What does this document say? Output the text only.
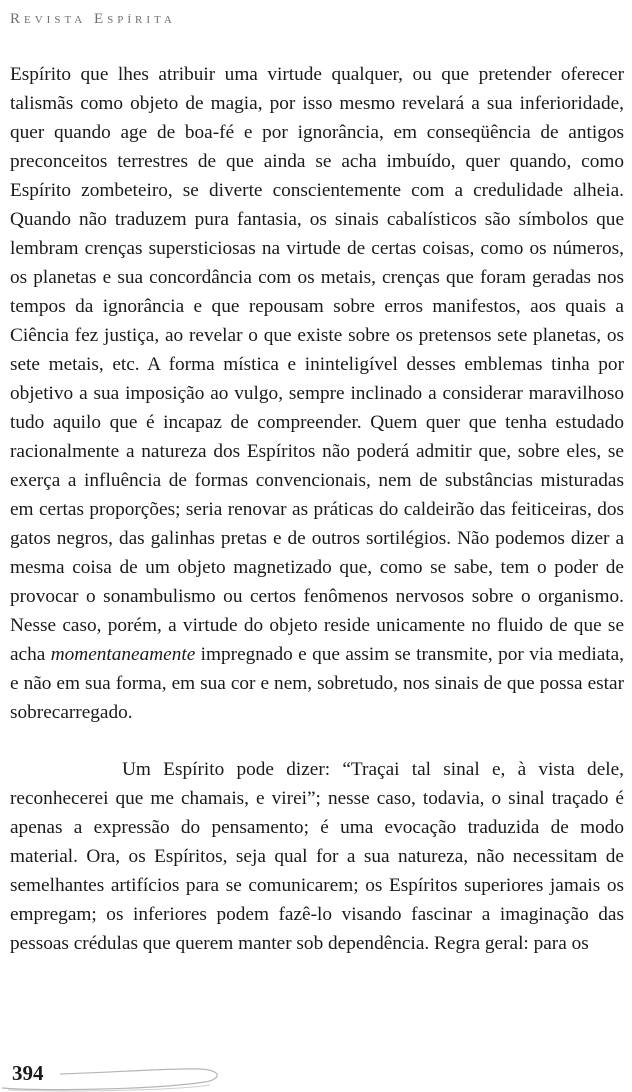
Revista Espírita

Espírito que lhes atribuir uma virtude qualquer, ou que pretender oferecer talismãs como objeto de magia, por isso mesmo revelará a sua inferioridade, quer quando age de boa-fé e por ignorância, em conseqüência de antigos preconceitos terrestres de que ainda se acha imbuído, quer quando, como Espírito zombeteiro, se diverte conscientemente com a credulidade alheia. Quando não traduzem pura fantasia, os sinais cabalísticos são símbolos que lembram crenças supersticiosas na virtude de certas coisas, como os números, os planetas e sua concordância com os metais, crenças que foram geradas nos tempos da ignorância e que repousam sobre erros manifestos, aos quais a Ciência fez justiça, ao revelar o que existe sobre os pretensos sete planetas, os sete metais, etc. A forma mística e ininteligível desses emblemas tinha por objetivo a sua imposição ao vulgo, sempre inclinado a considerar maravilhoso tudo aquilo que é incapaz de compreender. Quem quer que tenha estudado racionalmente a natureza dos Espíritos não poderá admitir que, sobre eles, se exerça a influência de formas convencionais, nem de substâncias misturadas em certas proporções; seria renovar as práticas do caldeirão das feiticeiras, dos gatos negros, das galinhas pretas e de outros sortilégios. Não podemos dizer a mesma coisa de um objeto magnetizado que, como se sabe, tem o poder de provocar o sonambulismo ou certos fenômenos nervosos sobre o organismo. Nesse caso, porém, a virtude do objeto reside unicamente no fluido de que se acha momentaneamente impregnado e que assim se transmite, por via mediata, e não em sua forma, em sua cor e nem, sobretudo, nos sinais de que possa estar sobrecarregado.

Um Espírito pode dizer: “Traçai tal sinal e, à vista dele, reconhecerei que me chamais, e virei”; nesse caso, todavia, o sinal traçado é apenas a expressão do pensamento; é uma evocação traduzida de modo material. Ora, os Espíritos, seja qual for a sua natureza, não necessitam de semelhantes artifícios para se comunicarem; os Espíritos superiores jamais os empregam; os inferiores podem fazê-lo visando fascinar a imaginação das pessoas crédulas que querem manter sob dependência. Regra geral: para os

394
